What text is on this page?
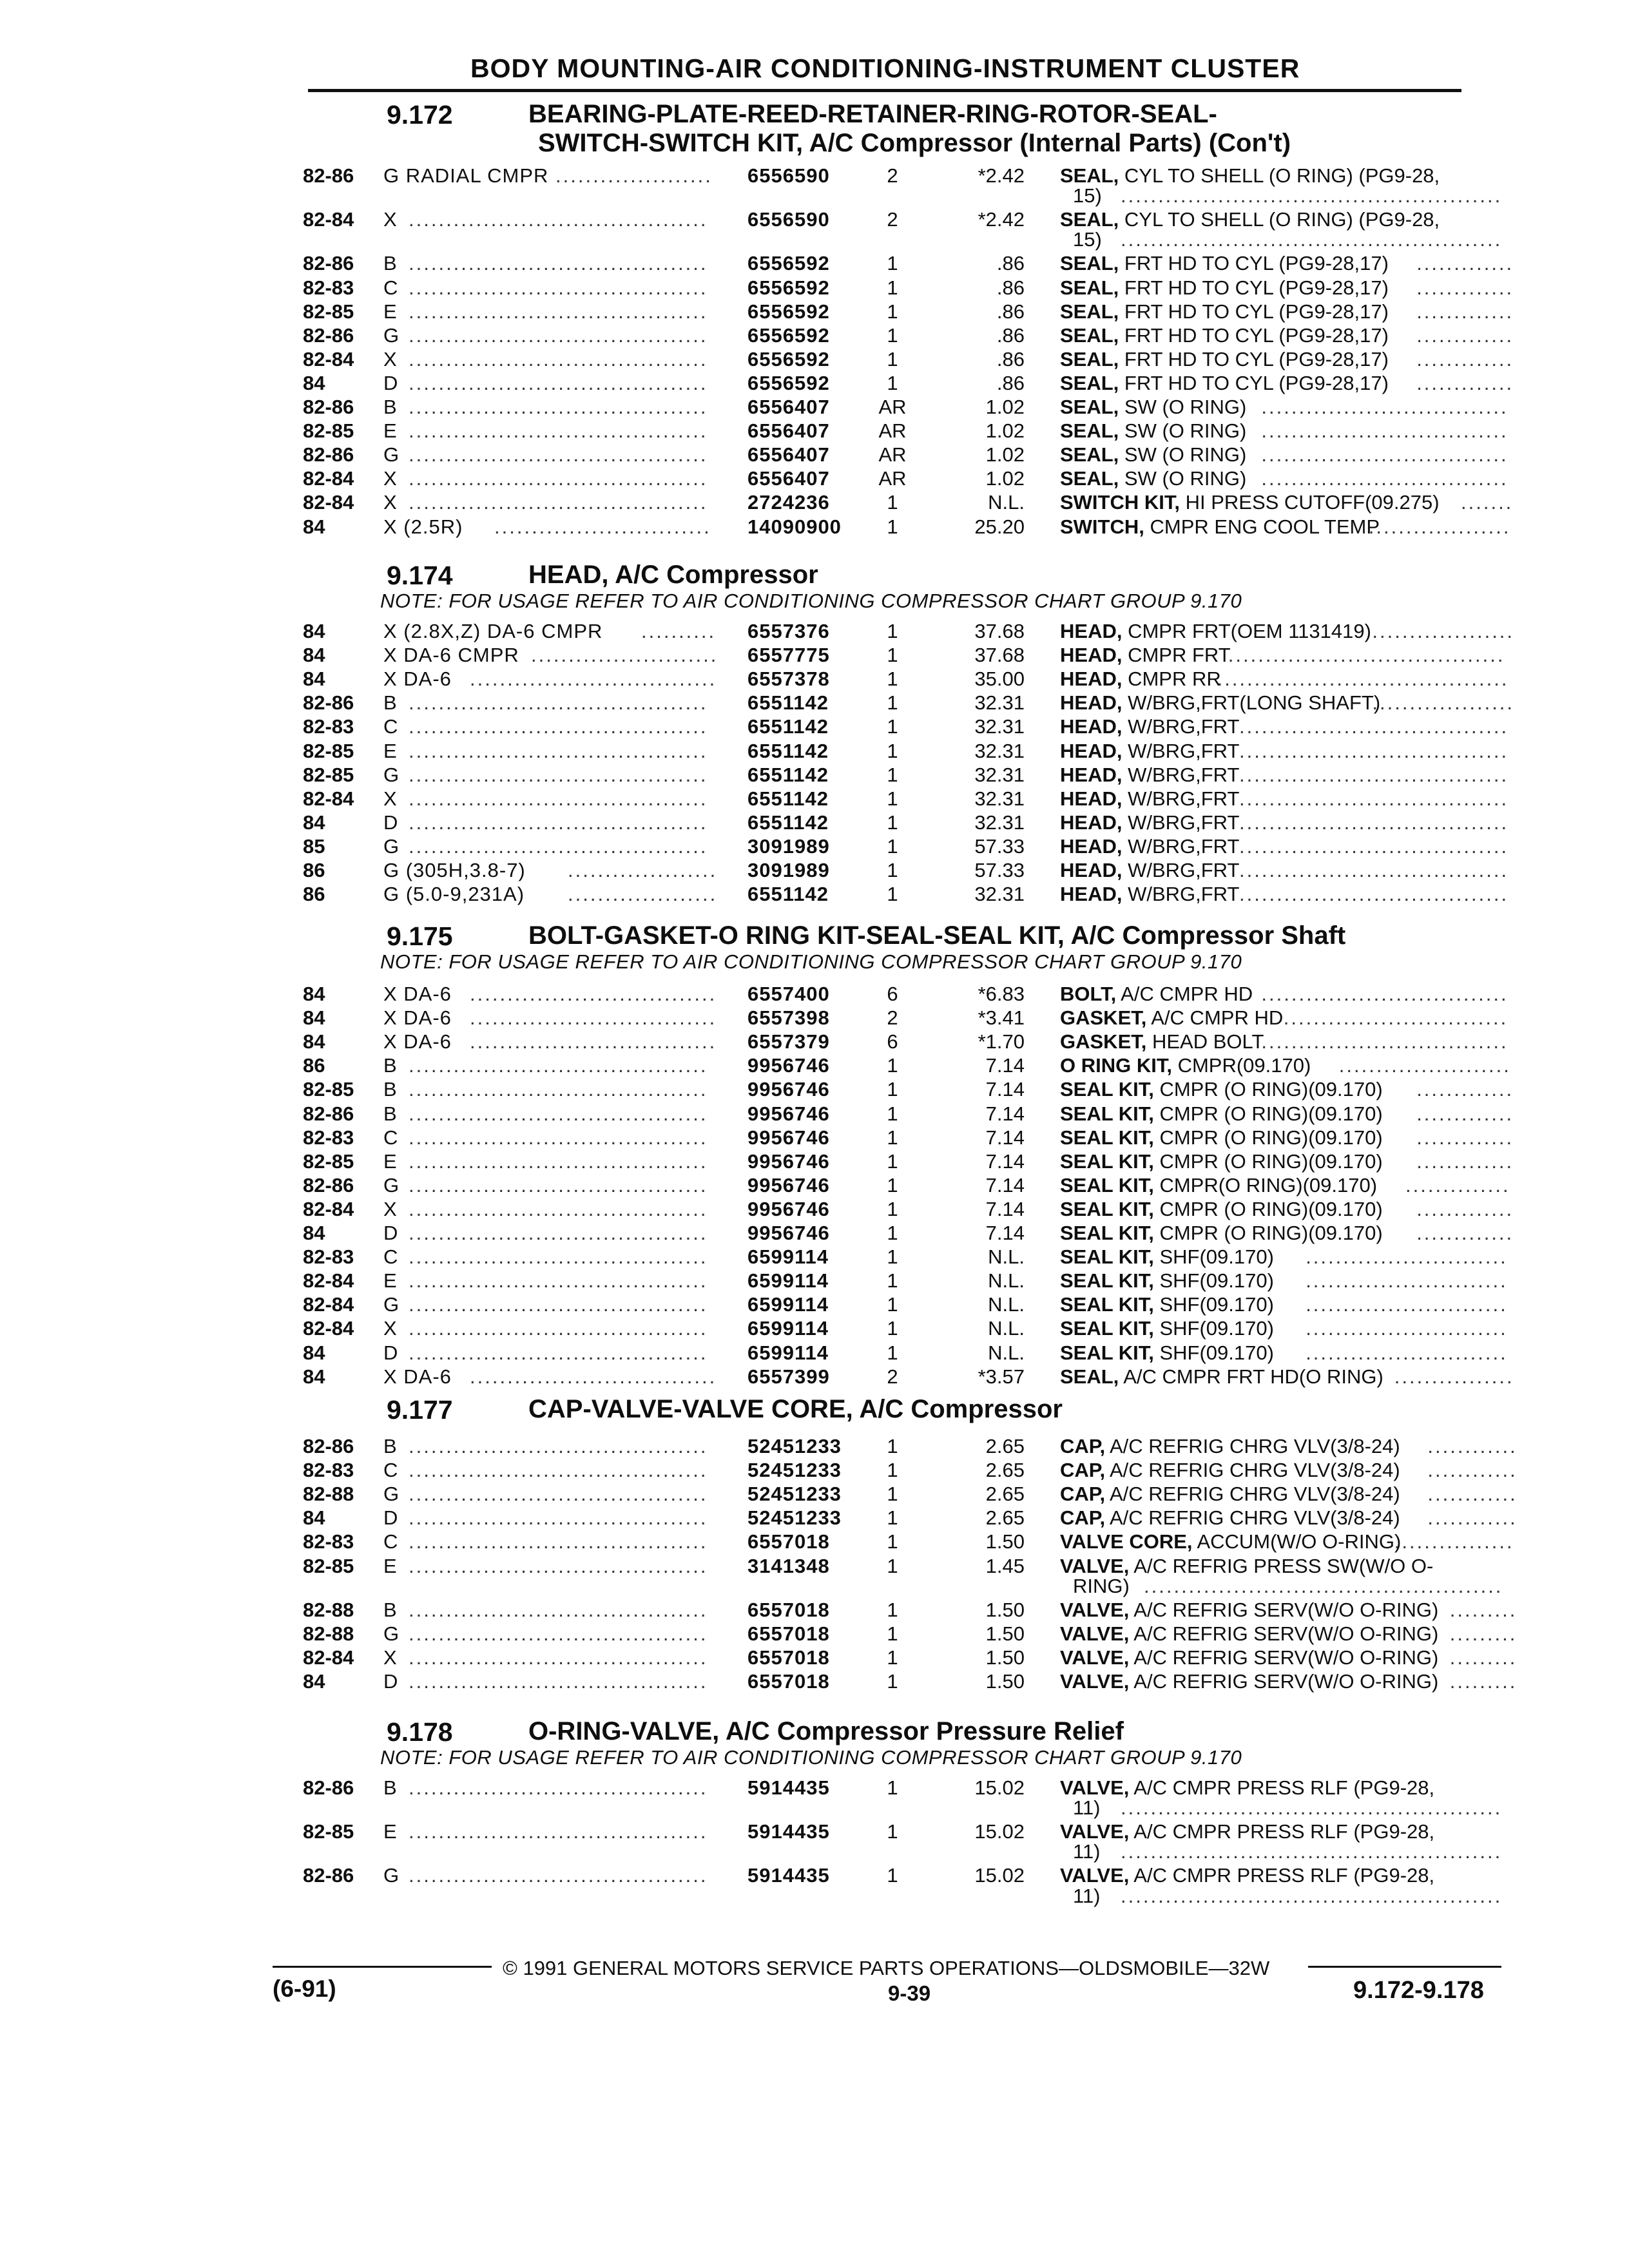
BODY MOUNTING-AIR CONDITIONING-INSTRUMENT CLUSTER
82-86 G RADIAL CMPR .....................	6556590	2	*2.42 SEAL, CYL TO SHELL (O RING) (PG9-28,
15) ...................................................
82-84 X ........................................	6556590	2	*2.42 SEAL, CYL TO SHELL (O RING) (PG9-28,
15) ...................................................
82-86 B ........................................	6556592	1	.86 SEAL, FRT HD TO CYL (PG9-28,17) .............
82-83 C ........................................	6556592	1	.86 SEAL, FRT HD TO CYL (PG9-28,17) .............
82-85 E ........................................	6556592	1	.86 SEAL, FRT HD TO CYL (PG9-28,17) .............
82-86 G ........................................	6556592	1	.86 SEAL, FRT HD TO CYL (PG9-28,17) .............
82-84 X ........................................	6556592	1	.86 SEAL, FRT HD TO CYL (PG9-28,17) .............
84	D ........................................	6556592	1	.86 SEAL, FRT HD TO CYL (PG9-28,17) .............
82-86 B ........................................	6556407	AR	1.02 SEAL, SW (O RING) .................................
82-85 E ........................................	6556407	AR	1.02 SEAL, SW (O RING) .................................
82-86 G ........................................	6556407	AR	1.02 SEAL, SW (O RING) .................................
82-84 X ........................................	6556407	AR	1.02 SEAL, SW (O RING) .................................
82-84 X ........................................	2724236	1	N.L. SWITCH KIT, HI PRESS CUTOFF(09.275) .......
84	X (2.5R) .............................	14090900	1	25.20 SWITCH, CMPR ENG COOL TEMP
....................
84	X (2.8X,Z) DA-6 CMPR ..........	6557376	1	37.68 HEAD, CMPR FRT(OEM 1131419) ...................
84	X DA-6 CMPR .........................	6557775	1	37.68 HEAD, CMPR FRT
.....................................
84	X DA-6 .................................	6557378	1	35.00 HEAD, CMPR RR
.......................................
82-86 B ........................................	6551142	1	32.31 HEAD, W/BRG,FRT(LONG SHAFT)
...................
82-83 C ........................................	6551142	1	32.31 HEAD, W/BRG,FRT ....................................
82-85 E ........................................	6551142	1	32.31 HEAD, W/BRG,FRT ....................................
82-85 G ........................................	6551142	1	32.31 HEAD, W/BRG,FRT ....................................
82-84 X ........................................	6551142	1	32.31 HEAD, W/BRG,FRT ....................................
84	D ........................................	6551142	1	32.31 HEAD, W/BRG,FRT ....................................
85	G ........................................	3091989	1	57.33 HEAD, W/BRG,FRT ....................................
86	G (305H,3.8-7) ....................	3091989	1	57.33 HEAD, W/BRG,FRT ....................................
86	G (5.0-9,231A) ....................	6551142	1	32.31 HEAD, W/BRG,FRT ....................................
84	X DA-6 .................................	6557400	6	*6.83 BOLT, A/C CMPR HD .................................
84	X DA-6 .................................	6557398	2	*3.41 GASKET, A/C CMPR HD ..............................
84	X DA-6 .................................	6557379	6	*1.70 GASKET, HEAD BOLT
.................................
86	B ........................................	9956746	1	7.14 O RING KIT, CMPR(09.170) .......................
82-85 B ........................................	9956746	1	7.14 SEAL KIT, CMPR (O RING)(09.170) .............
82-86 B ........................................	9956746	1	7.14 SEAL KIT, CMPR (O RING)(09.170) .............
82-83 C ........................................	9956746	1	7.14 SEAL KIT, CMPR (O RING)(09.170) .............
82-85 E ........................................	9956746	1	7.14 SEAL KIT, CMPR (O RING)(09.170) .............
82-86 G ........................................	9956746	1	7.14 SEAL KIT, CMPR(O RING)(09.170) ..............
82-84 X ........................................	9956746	1	7.14 SEAL KIT, CMPR (O RING)(09.170) .............
84	D ........................................	9956746	1	7.14 SEAL KIT, CMPR (O RING)(09.170) .............
82-83 C ........................................	6599114	1	N.L. SEAL KIT, SHF(09.170) ...........................
82-84 E ........................................	6599114	1	N.L. SEAL KIT, SHF(09.170) ...........................
82-84 G ........................................	6599114	1	N.L. SEAL KIT, SHF(09.170) ...........................
82-84 X ........................................	6599114	1	N.L. SEAL KIT, SHF(09.170) ...........................
84	D ........................................	6599114	1	N.L. SEAL KIT, SHF(09.170) ...........................
84	X DA-6 .................................	6557399	2	*3.57 SEAL, A/C CMPR FRT HD(O RING) ................
82-86 B ........................................	52451233	1	2.65 CAP, A/C REFRIG CHRG VLV(3/8-24) ............
82-83 C ........................................	52451233	1	2.65 CAP, A/C REFRIG CHRG VLV(3/8-24) ............
82-88 G ........................................	52451233	1	2.65 CAP, A/C REFRIG CHRG VLV(3/8-24) ............
84	D ........................................	52451233	1	2.65 CAP, A/C REFRIG CHRG VLV(3/8-24) ............
82-83 C ........................................	6557018	1	1.50 VALVE CORE, ACCUM(W/O O-RING)
................
82-85 E ........................................	3141348	1	1.45 VALVE, A/C REFRIG PRESS SW(W/O O-
RING) ................................................
82-88 B ........................................	6557018	1	1.50 VALVE, A/C REFRIG SERV(W/O O-RING) .........
82-88 G ........................................	6557018	1	1.50 VALVE, A/C REFRIG SERV(W/O O-RING) .........
82-84 X ........................................	6557018	1	1.50 VALVE, A/C REFRIG SERV(W/O O-RING) .........
84	D ........................................	6557018	1	1.50 VALVE, A/C REFRIG SERV(W/O O-RING) .........
82-86 B ........................................	5914435	1	15.02 VALVE, A/C CMPR PRESS RLF (PG9-28,
11) ...................................................
82-85 E ........................................	5914435	1	15.02 VALVE, A/C CMPR PRESS RLF (PG9-28,
11) ...................................................
82-86 G ........................................	5914435	1	15.02 VALVE, A/C CMPR PRESS RLF (PG9-28,
11) ...................................................
© 1991 GENERAL MOTORS SERVICE PARTS OPERATIONS—OLDSMOBILE—32W
(6-91)	9-39	9.172-9.178
9.172	BEARING-PLATE-REED-RETAINER-RING-ROTOR-SEAL-
SWITCH-SWITCH KIT, A/C Compressor (Internal Parts) (Con't)
9.174	HEAD, A/C Compressor
NOTE: FOR USAGE REFER TO AIR CONDITIONING COMPRESSOR CHART GROUP 9.170
9.175	BOLT-GASKET-O RING KIT-SEAL-SEAL KIT, A/C Compressor Shaft
NOTE: FOR USAGE REFER TO AIR CONDITIONING COMPRESSOR CHART GROUP 9.170
9.177	CAP-VALVE-VALVE CORE, A/C Compressor
9.178	O-RING-VALVE, A/C Compressor Pressure Relief
NOTE: FOR USAGE REFER TO AIR CONDITIONING COMPRESSOR CHART GROUP 9.170
